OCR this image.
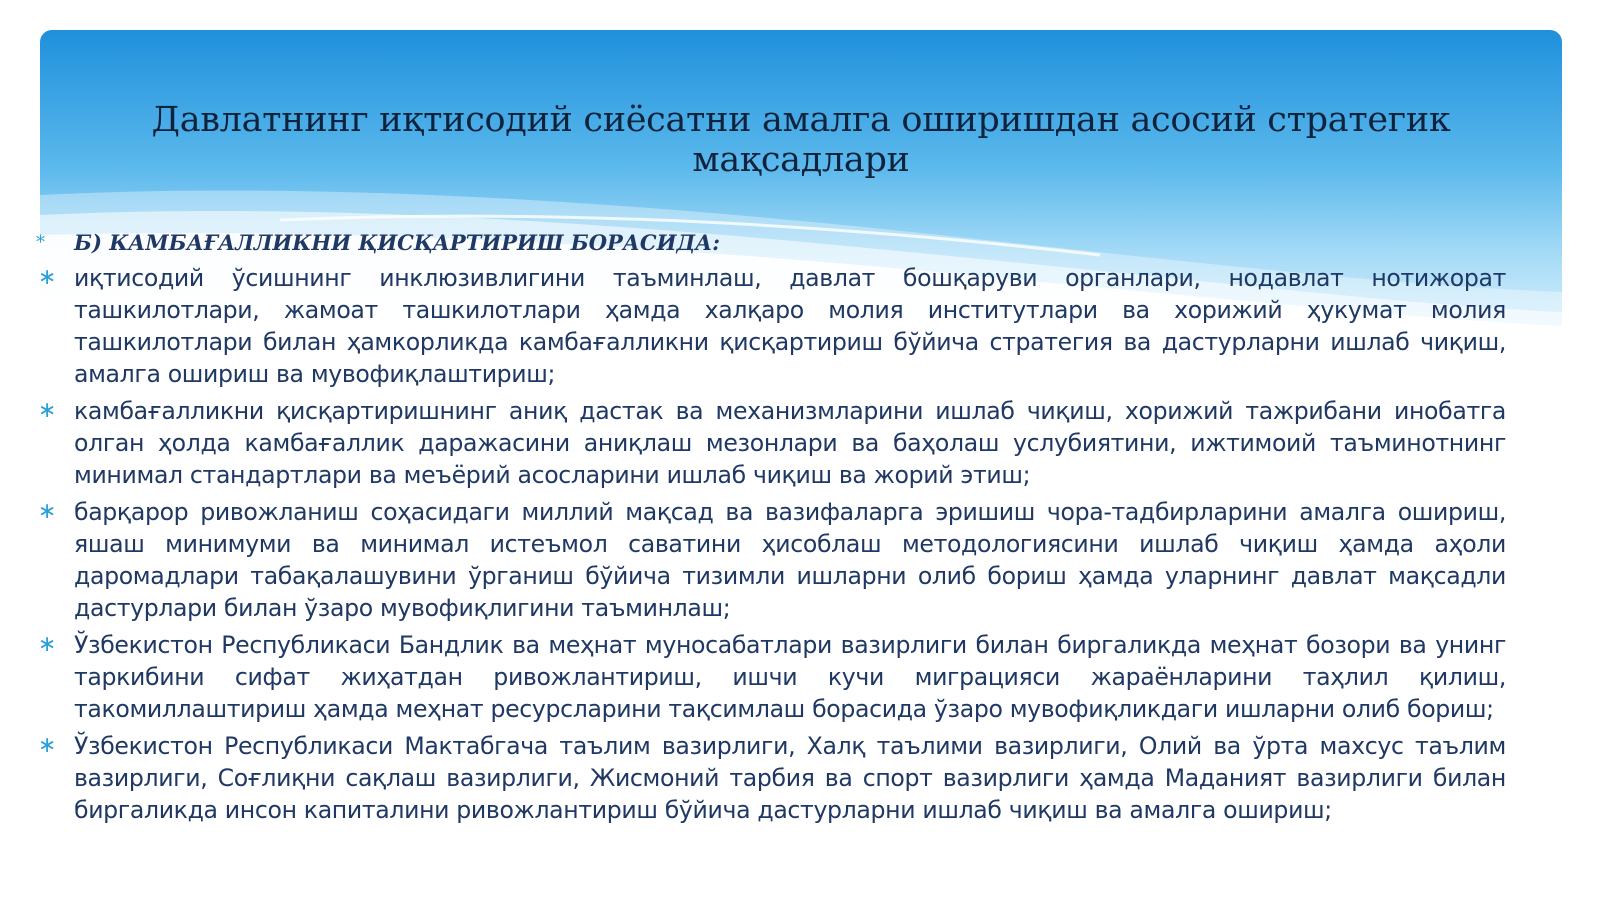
Давлатнинг иқтисодий сиёсатни амалга оширишдан асосий стратегик мақсадлари
* Б) КАМБАҒАЛЛИКНИ ҚИСҚАРТИРИШ БОРАСИДА:
∗ иқтисодий ўсишнинг инклюзивлигини таъминлаш, давлат бошқаруви органлари, нодавлат нотижорат ташкилотлари, жамоат ташкилотлари ҳамда халқаро молия институтлари ва хорижий ҳукумат молия ташкилотлари билан ҳамкорликда камбағалликни қисқартириш бўйича стратегия ва дастурларни ишлаб чиқиш, амалга ошириш ва мувофиқлаштириш;
∗ камбағалликни қисқартиришнинг аниқ дастак ва механизмларини ишлаб чиқиш, хорижий тажрибани инобатга олган ҳолда камбағаллик даражасини аниқлаш мезонлари ва баҳолаш услубиятини, ижтимоий таъминотнинг минимал стандартлари ва меъёрий асосларини ишлаб чиқиш ва жорий этиш;
∗ барқарор ривожланиш соҳасидаги миллий мақсад ва вазифаларга эришиш чора-тадбирларини амалга ошириш, яшаш минимуми ва минимал истеъмол саватини ҳисоблаш методологиясини ишлаб чиқиш ҳамда аҳоли даромадлари табақалашувини ўрганиш бўйича тизимли ишларни олиб бориш ҳамда уларнинг давлат мақсадли дастурлари билан ўзаро мувофиқлигини таъминлаш;
∗ Ўзбекистон Республикаси Бандлик ва меҳнат муносабатлари вазирлиги билан биргаликда меҳнат бозори ва унинг таркибини сифат жиҳатдан ривожлантириш, ишчи кучи миграцияси жараёнларини таҳлил қилиш, такомиллаштириш ҳамда меҳнат ресурсларини тақсимлаш борасида ўзаро мувофиқликдаги ишларни олиб бориш;
∗ Ўзбекистон Республикаси Мактабгача таълим вазирлиги, Халқ таълими вазирлиги, Олий ва ўрта махсус таълим вазирлиги, Соғлиқни сақлаш вазирлиги, Жисмоний тарбия ва спорт вазирлиги ҳамда Маданият вазирлиги билан биргаликда инсон капиталини ривожлантириш бўйича дастурларни ишлаб чиқиш ва амалга ошириш;
